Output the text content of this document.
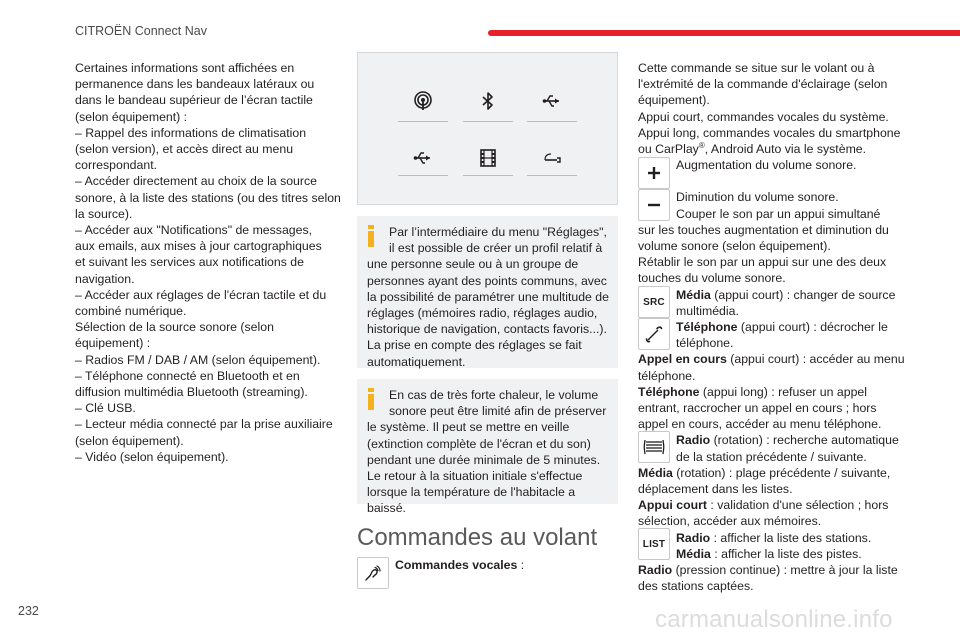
CITROËN Connect Nav

Certaines informations sont affichées en

permanence dans les bandeaux latéraux ou

dans le bandeau supérieur de l’écran tactile

(selon équipement) :

– Rappel des informations de climatisation

(selon version), et accès direct au menu

correspondant.

– Accéder directement au choix de la source

sonore, à la liste des stations (ou des titres selon

la source).

– Accéder aux "Notifications" de messages,

aux emails, aux mises à jour cartographiques

et suivant les services aux notifications de

navigation.

– Accéder aux réglages de l'écran tactile et du

combiné numérique.

Sélection de la source sonore (selon

équipement) :

– Radios FM / DAB / AM (selon équipement).

– Téléphone connecté en Bluetooth et en

diffusion multimédia Bluetooth (streaming).

– Clé USB.

– Lecteur média connecté par la prise auxiliaire

(selon équipement).

– Vidéo (selon équipement).

Par l’intermédiaire du menu "Réglages",

il est possible de créer un profil relatif à

une personne seule ou à un groupe de

personnes ayant des points communs, avec

la possibilité de paramétrer une multitude de

réglages (mémoires radio, réglages audio,

historique de navigation, contacts favoris...).

La prise en compte des réglages se fait

automatiquement.

En cas de très forte chaleur, le volume

sonore peut être limité afin de préserver

le système. Il peut se mettre en veille

(extinction complète de l'écran et du son)

pendant une durée minimale de 5 minutes.

Le retour à la situation initiale s'effectue

lorsque la température de l'habitacle a baissé.

Commandes au volant
Commandes vocales :

Cette commande se situe sur le volant ou à

l'extrémité de la commande d'éclairage (selon

équipement).

Appui court, commandes vocales du système.

Appui long, commandes vocales du smartphone

ou CarPlay®, Android Auto via le système.

Augmentation du volume sonore.

Diminution du volume sonore.

Couper le son par un appui simultané

sur les touches augmentation et diminution du

volume sonore (selon équipement).

Rétablir le son par un appui sur une des deux

touches du volume sonore.

Média (appui court) : changer de source

multimédia.

Téléphone (appui court) : décrocher le

téléphone.

Appel en cours (appui court) : accéder au menu

téléphone.

Téléphone (appui long) : refuser un appel

entrant, raccrocher un appel en cours ; hors

appel en cours, accéder au menu téléphone.

Radio (rotation) : recherche automatique

de la station précédente / suivante.

Média (rotation) : plage précédente / suivante,

déplacement dans les listes.

Appui court : validation d'une sélection ; hors

sélection, accéder aux mémoires.

Radio : afficher la liste des stations.

Média : afficher la liste des pistes.

Radio (pression continue) : mettre à jour la liste

des stations captées.

SRC
LIST
232	carmanualsonline.info
